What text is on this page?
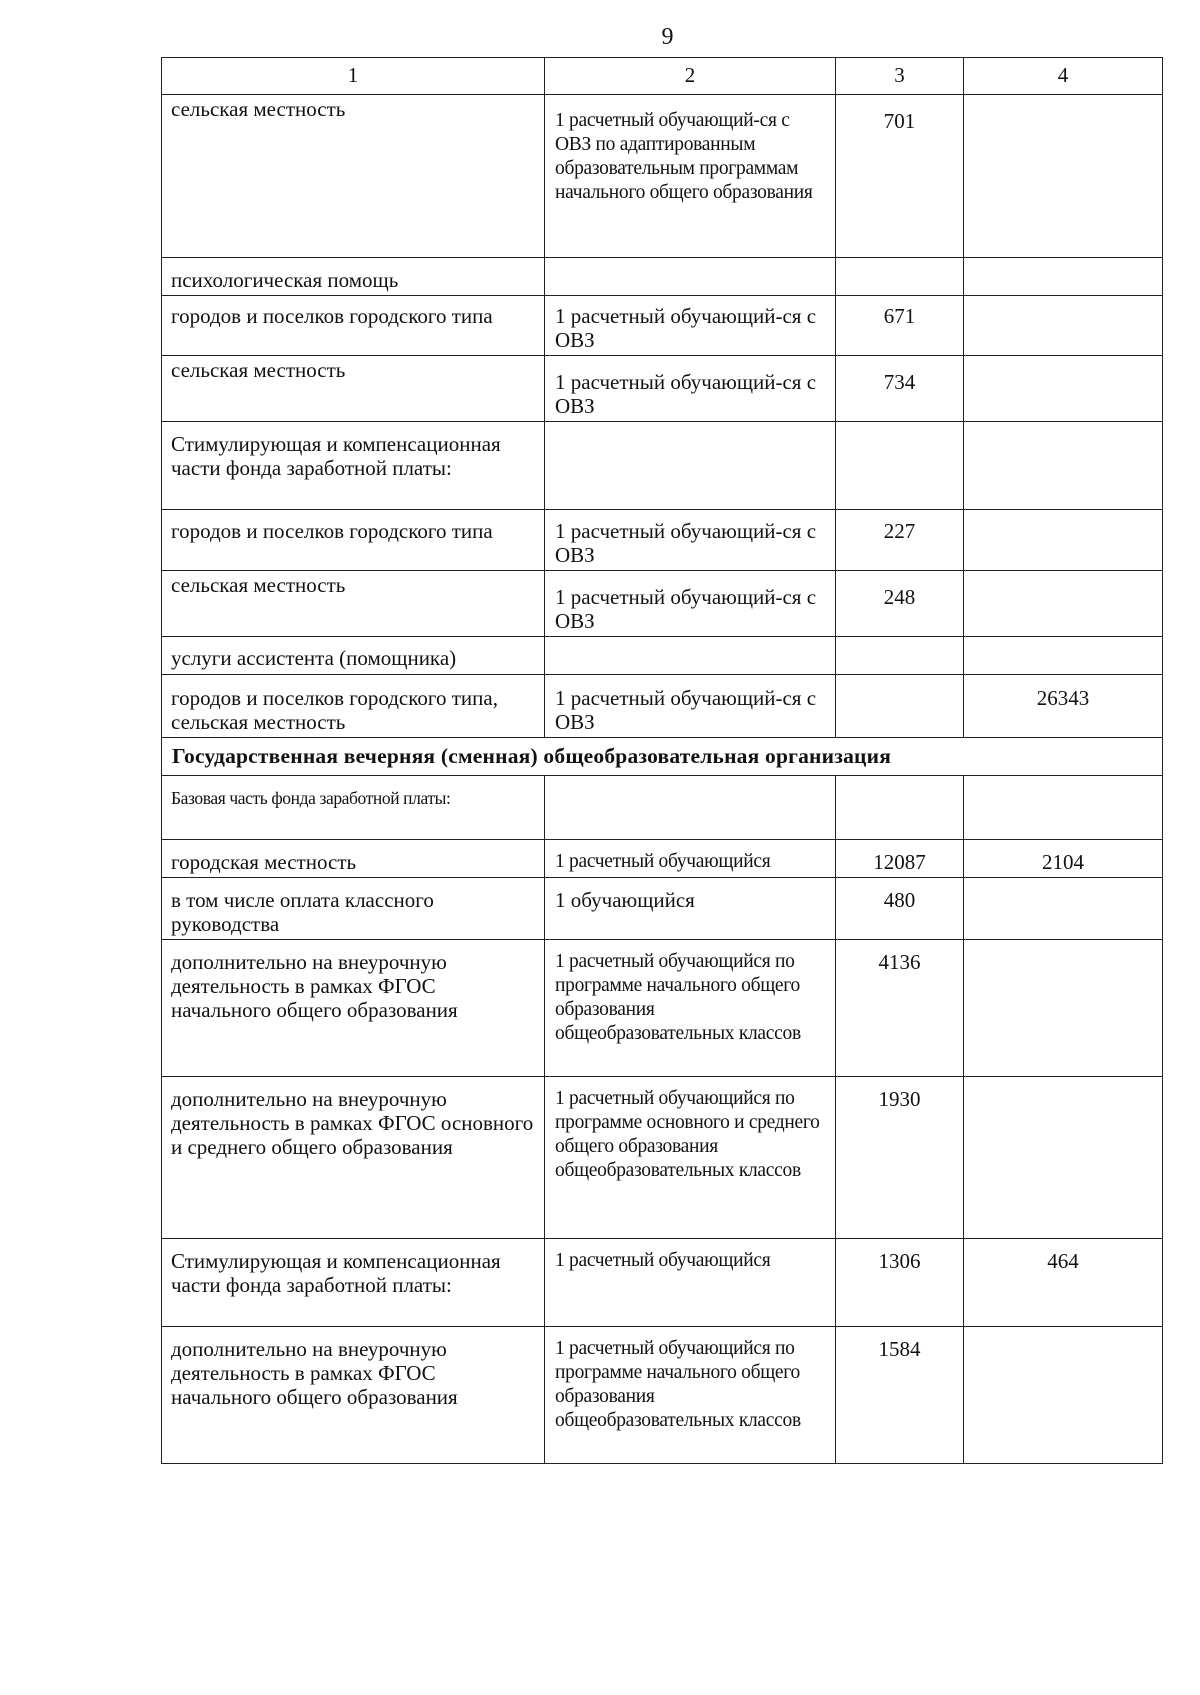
9
1	2	3	4
сельская местность	1 расчетный обучающий-ся с ОВЗ по адаптированным образовательным программам начального общего образования	701	
психологическая помощь			
городов и поселков городского типа	1 расчетный обучающий-ся с ОВЗ	671	
сельская местность	1 расчетный обучающий-ся с ОВЗ	734	
Стимулирующая и компенсационная части фонда заработной платы:			
городов и поселков городского типа	1 расчетный обучающий-ся с ОВЗ	227	
сельская местность	1 расчетный обучающий-ся с ОВЗ	248	
услуги ассистента (помощника)			
городов и поселков городского типа, сельская местность	1 расчетный обучающий-ся с ОВЗ		26343
Государственная вечерняя (сменная) общеобразовательная организация			
Базовая часть фонда заработной платы:			
городская местность	1 расчетный обучающийся	12087	2104
в том числе оплата классного руководства	1 обучающийся	480	
дополнительно на внеурочную деятельность в рамках ФГОС начального общего образования	1 расчетный обучающийся по программе начального общего образования общеобразовательных классов	4136	
дополнительно на внеурочную деятельность в рамках ФГОС основного и среднего общего образования	1 расчетный обучающийся по программе основного и среднего общего образования общеобразовательных классов	1930	
Стимулирующая и компенсационная части фонда заработной платы:	1 расчетный обучающийся	1306	464
дополнительно на внеурочную деятельность в рамках ФГОС начального общего образования	1 расчетный обучающийся по программе начального общего образования общеобразовательных классов	1584	
